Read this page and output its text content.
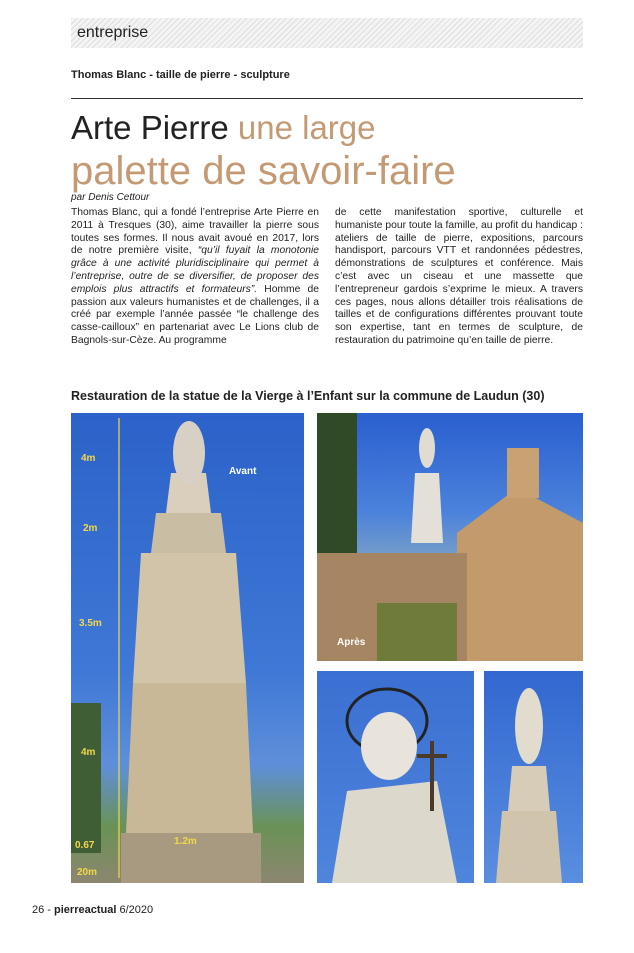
entreprise
Thomas Blanc - taille de pierre - sculpture
Arte Pierre une large
palette de savoir-faire
par Denis Cettour

Thomas Blanc, qui a fondé l’entreprise Arte Pierre en 2011 à Tresques (30), aime travailler la pierre sous toutes ses formes. Il nous avait avoué en 2017, lors de notre première visite, “qu’il fuyait la monotonie grâce à une activité pluridisciplinaire qui permet à l’entreprise, outre de se diversifier, de proposer des emplois plus attractifs et formateurs”. Homme de passion aux valeurs humanistes et de challenges, il a créé par exemple l’année passée “le challenge des casse-cailloux” en partenariat avec Le Lions club de Bagnols-sur-Cèze. Au programme

de cette manifestation sportive, culturelle et humaniste pour toute la famille, au profit du handicap : ateliers de taille de pierre, expositions, parcours handisport, parcours VTT et randonnées pédestres, démonstrations de sculptures et conférence. Mais c’est avec un ciseau et une massette que l’entrepreneur gardois s’exprime le mieux. A travers ces pages, nous allons détailler trois réalisations de tailles et de configurations différentes prouvant toute son expertise, tant en termes de sculpture, de restauration du patrimoine qu’en taille de pierre.

Restauration de la statue de la Vierge à l’Enfant sur la commune de Laudun (30)
Avant
4m
2m
3.5m
4m
0.67
20m
1.2m
Après
26 - pierreactual 6/2020
